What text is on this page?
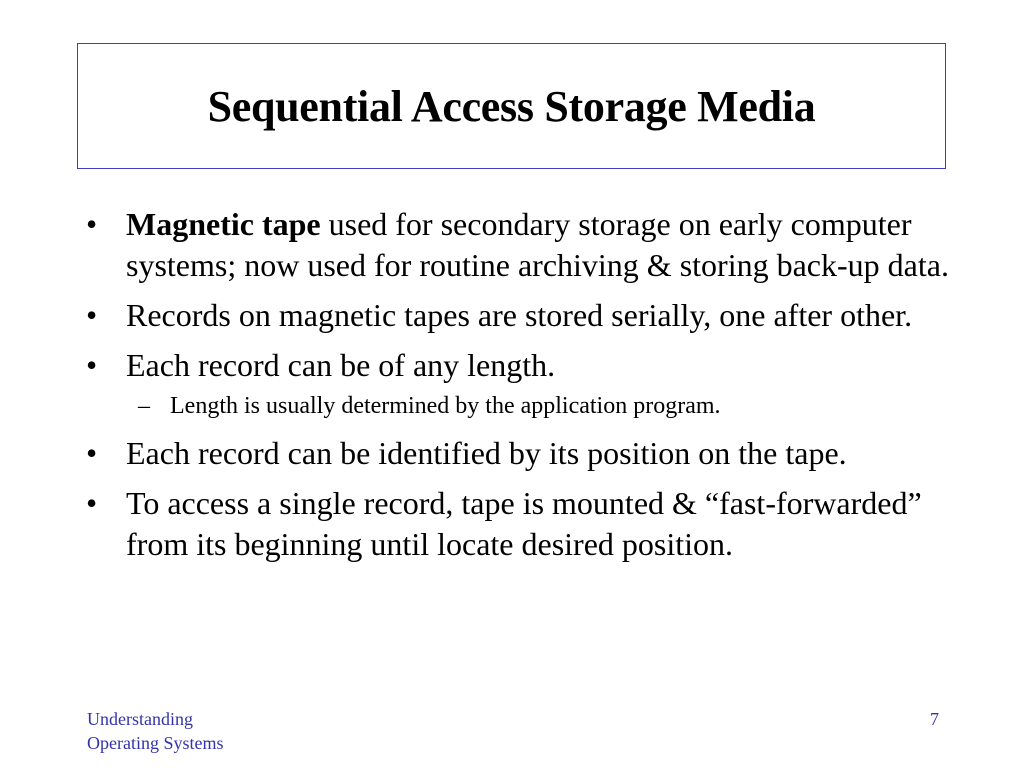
Sequential Access Storage Media
• Magnetic tape used for secondary storage on early computer systems; now used for routine archiving & storing back-up data.
• Records on magnetic tapes are stored serially, one after other.
• Each record can be of any length.
– Length is usually determined by the application program.
• Each record can be identified by its position on the tape.
• To access a single record, tape is mounted & “fast-forwarded” from its beginning until locate desired position.
Understanding
Operating Systems
7
